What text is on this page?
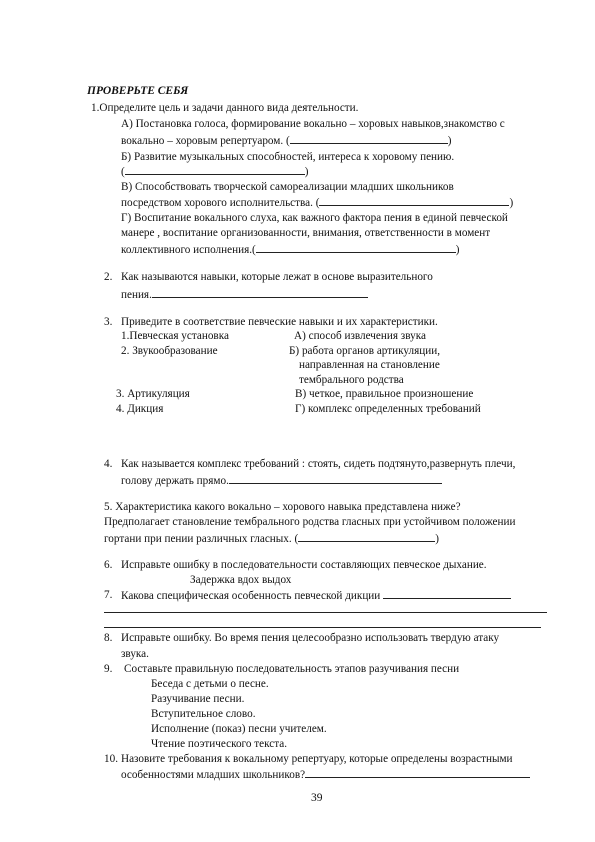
ПРОВЕРЬТЕ СЕБЯ
1.Определите цель и задачи данного вида деятельности.
А) Постановка голоса, формирование вокально – хоровых навыков,знакомство с
вокально – хоровым репертуаром. (	)
Б) Развитие музыкальных способностей, интереса к хоровому пению.
(	)
В) Способствовать творческой самореализации младших школьников
посредством хорового исполнительства. (	)
Г) Воспитание вокального слуха, как важного фактора пения в единой певческой
манере , воспитание организованности, внимания, ответственности в момент
коллективного исполнения.(	)
2. Как называются навыки, которые лежат в основе выразительного
пения.
3. Приведите в соответствие певческие навыки и их характеристики.
1.Певческая установка	А) способ извлечения звука
2. Звукообразование	Б) работа органов артикуляции,
направленная на становление
тембрального родства
3. Артикуляция	В) четкое, правильное произношение
4. Дикция	Г) комплекс определенных требований
4. Как называется комплекс требований : стоять, сидеть подтянуто,развернуть плечи,
голову держать прямо.
5. Характеристика какого вокально – хорового навыка представлена ниже?
Предполагает становление тембрального родства гласных при устойчивом положении
гортани при пении различных гласных. (	)
6. Исправьте ошибку в последовательности составляющих певческое дыхание.
Задержка вдох выдох
7. Какова специфическая особенность певческой дикции
8. Исправьте ошибку. Во время пения целесообразно использовать твердую атаку
звука.
9. Составьте правильную последовательность этапов разучивания песни
Беседа с детьми о песне.
Разучивание песни.
Вступительное слово.
Исполнение (показ) песни учителем.
Чтение поэтического текста.
10. Назовите требования к вокальному репертуару, которые определены возрастными
особенностями младших школьников?
39
